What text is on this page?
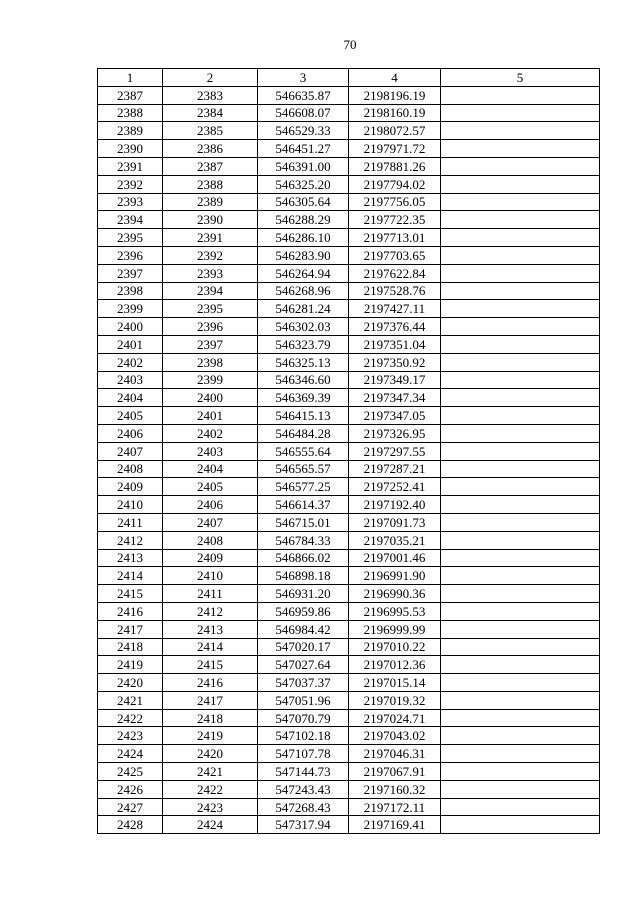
70
1	2	3	4	5
2387	2383	546635.87	2198196.19	
2388	2384	546608.07	2198160.19	
2389	2385	546529.33	2198072.57	
2390	2386	546451.27	2197971.72	
2391	2387	546391.00	2197881.26	
2392	2388	546325.20	2197794.02	
2393	2389	546305.64	2197756.05	
2394	2390	546288.29	2197722.35	
2395	2391	546286.10	2197713.01	
2396	2392	546283.90	2197703.65	
2397	2393	546264.94	2197622.84	
2398	2394	546268.96	2197528.76	
2399	2395	546281.24	2197427.11	
2400	2396	546302.03	2197376.44	
2401	2397	546323.79	2197351.04	
2402	2398	546325.13	2197350.92	
2403	2399	546346.60	2197349.17	
2404	2400	546369.39	2197347.34	
2405	2401	546415.13	2197347.05	
2406	2402	546484.28	2197326.95	
2407	2403	546555.64	2197297.55	
2408	2404	546565.57	2197287.21	
2409	2405	546577.25	2197252.41	
2410	2406	546614.37	2197192.40	
2411	2407	546715.01	2197091.73	
2412	2408	546784.33	2197035.21	
2413	2409	546866.02	2197001.46	
2414	2410	546898.18	2196991.90	
2415	2411	546931.20	2196990.36	
2416	2412	546959.86	2196995.53	
2417	2413	546984.42	2196999.99	
2418	2414	547020.17	2197010.22	
2419	2415	547027.64	2197012.36	
2420	2416	547037.37	2197015.14	
2421	2417	547051.96	2197019.32	
2422	2418	547070.79	2197024.71	
2423	2419	547102.18	2197043.02	
2424	2420	547107.78	2197046.31	
2425	2421	547144.73	2197067.91	
2426	2422	547243.43	2197160.32	
2427	2423	547268.43	2197172.11	
2428	2424	547317.94	2197169.41	
